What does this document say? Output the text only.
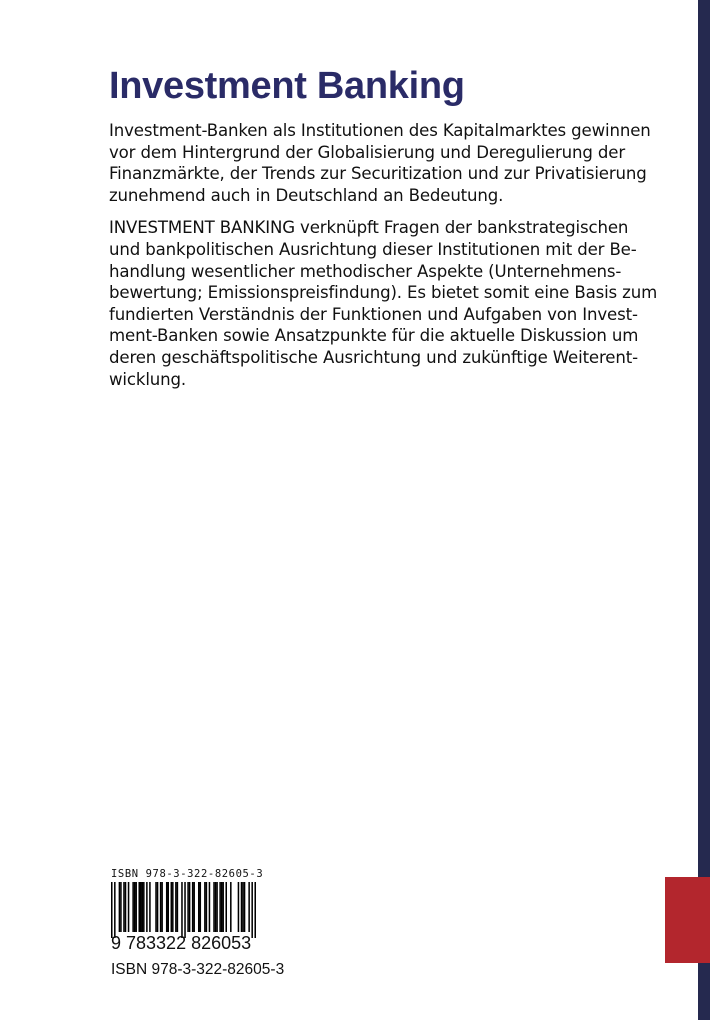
Investment Banking

Investment-Banken als Institutionen des Kapitalmarktes gewinnen
vor dem Hintergrund der Globalisierung und Deregulierung der
Finanzmärkte, der Trends zur Securitization und zur Privatisierung
zunehmend auch in Deutschland an Bedeutung.

INVESTMENT BANKING verknüpft Fragen der bankstrategischen
und bankpolitischen Ausrichtung dieser Institutionen mit der Be-
handlung wesentlicher methodischer Aspekte (Unternehmens-
bewertung; Emissionspreisfindung). Es bietet somit eine Basis zum
fundierten Verständnis der Funktionen und Aufgaben von Invest-
ment-Banken sowie Ansatzpunkte für die aktuelle Diskussion um
deren geschäftspolitische Ausrichtung und zukünftige Weiterent-
wicklung.

ISBN 978-3-322-82605-3
9 783322 826053
ISBN 978-3-322-82605-3
